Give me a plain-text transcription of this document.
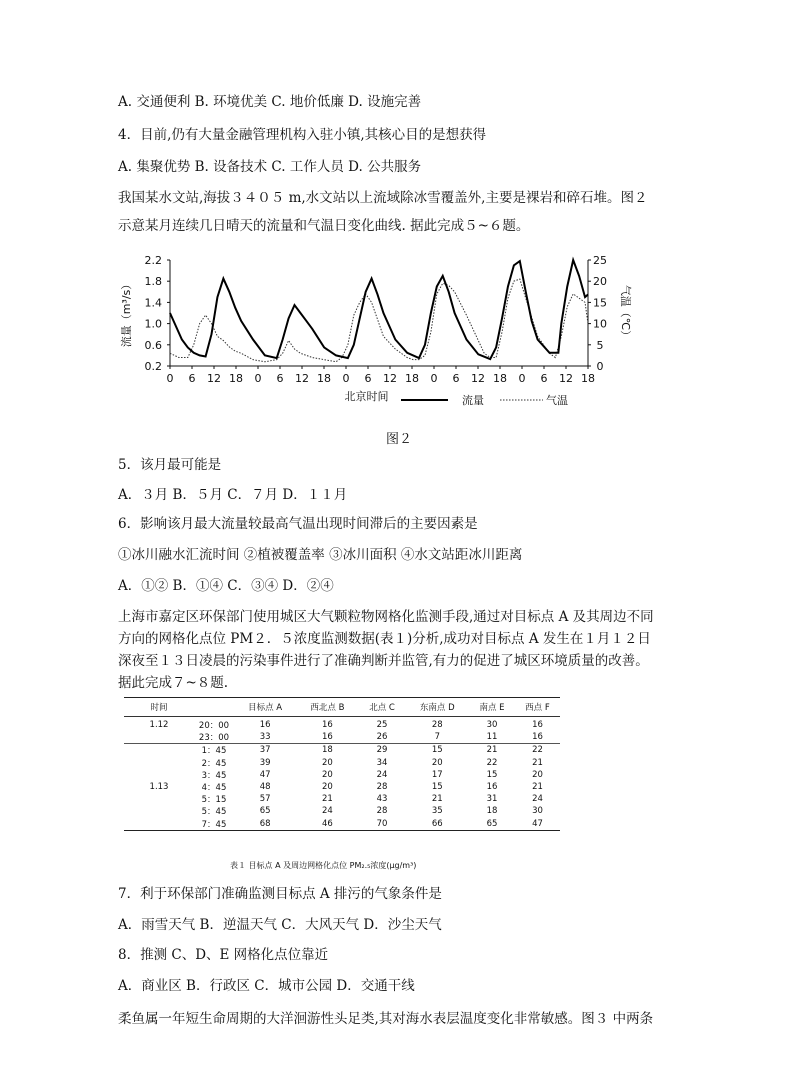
A. 交通便利 B. 环境优美 C. 地价低廉 D. 设施完善
4．目前,仍有大量金融管理机构入驻小镇,其核心目的是想获得
A. 集聚优势 B. 设备技术 C. 工作人员 D. 公共服务
我国某水文站,海拔３４０５ m,水文站以上流域除冰雪覆盖外,主要是裸岩和碎石堆。图２
示意某月连续几日晴天的流量和气温日变化曲线. 据此完成５~６题。
0.2
0.6
1.0
1.4
1.8
2.2
0
5
10
15
20
25
0 6 12 18 0 6 12 18 0 6 12 18 0 6 12 18 0 6 12 18
流量（m³/s）	气温（℃）
北京时间	流量	气温
图２
5．该月最可能是
A．３月 B．５月 C．７月 D．１１月
6．影响该月最大流量较最高气温出现时间滞后的主要因素是
①冰川融水汇流时间 ②植被覆盖率 ③冰川面积 ④水文站距冰川距离
A．①② B．①④ C．③④ D．②④
上海市嘉定区环保部门使用城区大气颗粒物网格化监测手段,通过对目标点 A 及其周边不同
方向的网格化点位 PM２．５浓度监测数据(表１)分析,成功对目标点 A 发生在１月１２日
深夜至１３日凌晨的污染事件进行了准确判断并监管,有力的促进了城区环境质量的改善。
据此完成７~８题.
时间		目标点 A	西北点 B	北点 C	东南点 D	南点 E	西点 F
1.12	20：00	16	16	25	28	30	16
	23：00	33	16	26	7	11	16
	1：45	37	18	29	15	21	22
	2：45	39	20	34	20	22	21
	3：45	47	20	24	17	15	20
1.13	4：45	48	20	28	15	16	21
	5：15	57	21	43	21	31	24
	5：45	65	24	28	35	18	30
	7：45	68	46	70	66	65	47
表１ 目标点 A 及周边网格化点位 PM₂.₅浓度(μg/m³)
7．利于环保部门准确监测目标点 A 排污的气象条件是
A．雨雪天气 B．逆温天气 C．大风天气 D．沙尘天气
8．推测 C、D、E 网格化点位靠近
A．商业区 B．行政区 C．城市公园 D．交通干线
柔鱼属一年短生命周期的大洋洄游性头足类,其对海水表层温度变化非常敏感。图３ 中两条
